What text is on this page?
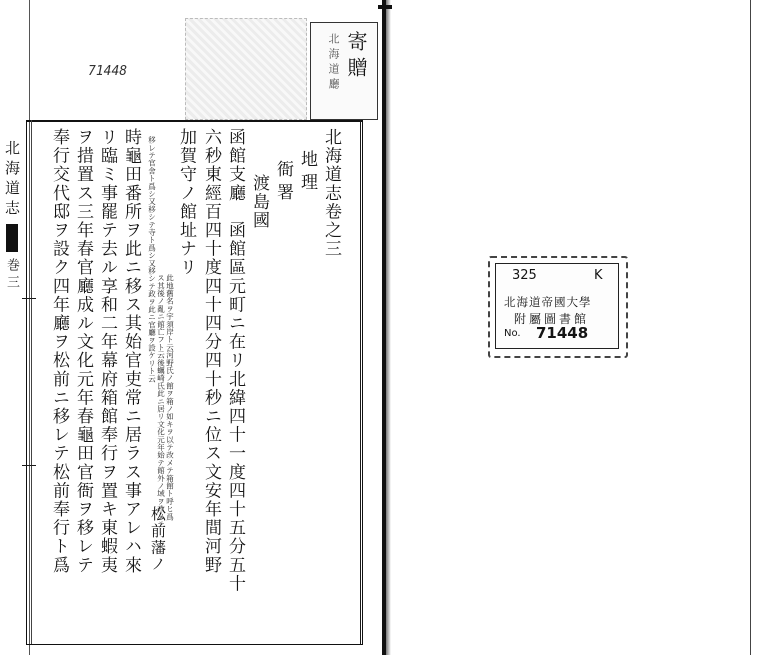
寄贈
北海道廳
71448
北海道志
巻三
北海道志卷之三
地理
衙署
渡島國
函館支廳　函館區元町ニ在リ北緯四十一度四十五分五十
六秒東經百四十度四十四分四十秒ニ位ス文安年間河野
加賀守ノ館址ナリ
此地舊名ヲ宇須岸ト云河野氏ノ館ヲ箱ノ如キヲ以テ改メテ箱館ト呼ヒ爲
ス其後ノ亂ニ館亡フト云後蠣崎氏此ニ居リ文化元年始テ館外ノ域ヲ改メテ
移レテ官舍ト爲シ又移シテ寺ト爲シ又移シテ政ヲ此ニ官廳ヲ設ケリト云
松前藩ノ
時龜田番所ヲ此ニ移ス其始官吏常ニ居ラス事アレハ來
リ臨ミ事罷テ去ル享和二年幕府箱館奉行ヲ置キ東蝦夷
ヲ措置ス三年春官廳成ル文化元年春龜田官衙ヲ移レテ
奉行交代邸ヲ設ク四年廳ヲ松前ニ移レテ松前奉行ト爲	325	K
北海道帝國大學
附屬圖書館
No. 71448
